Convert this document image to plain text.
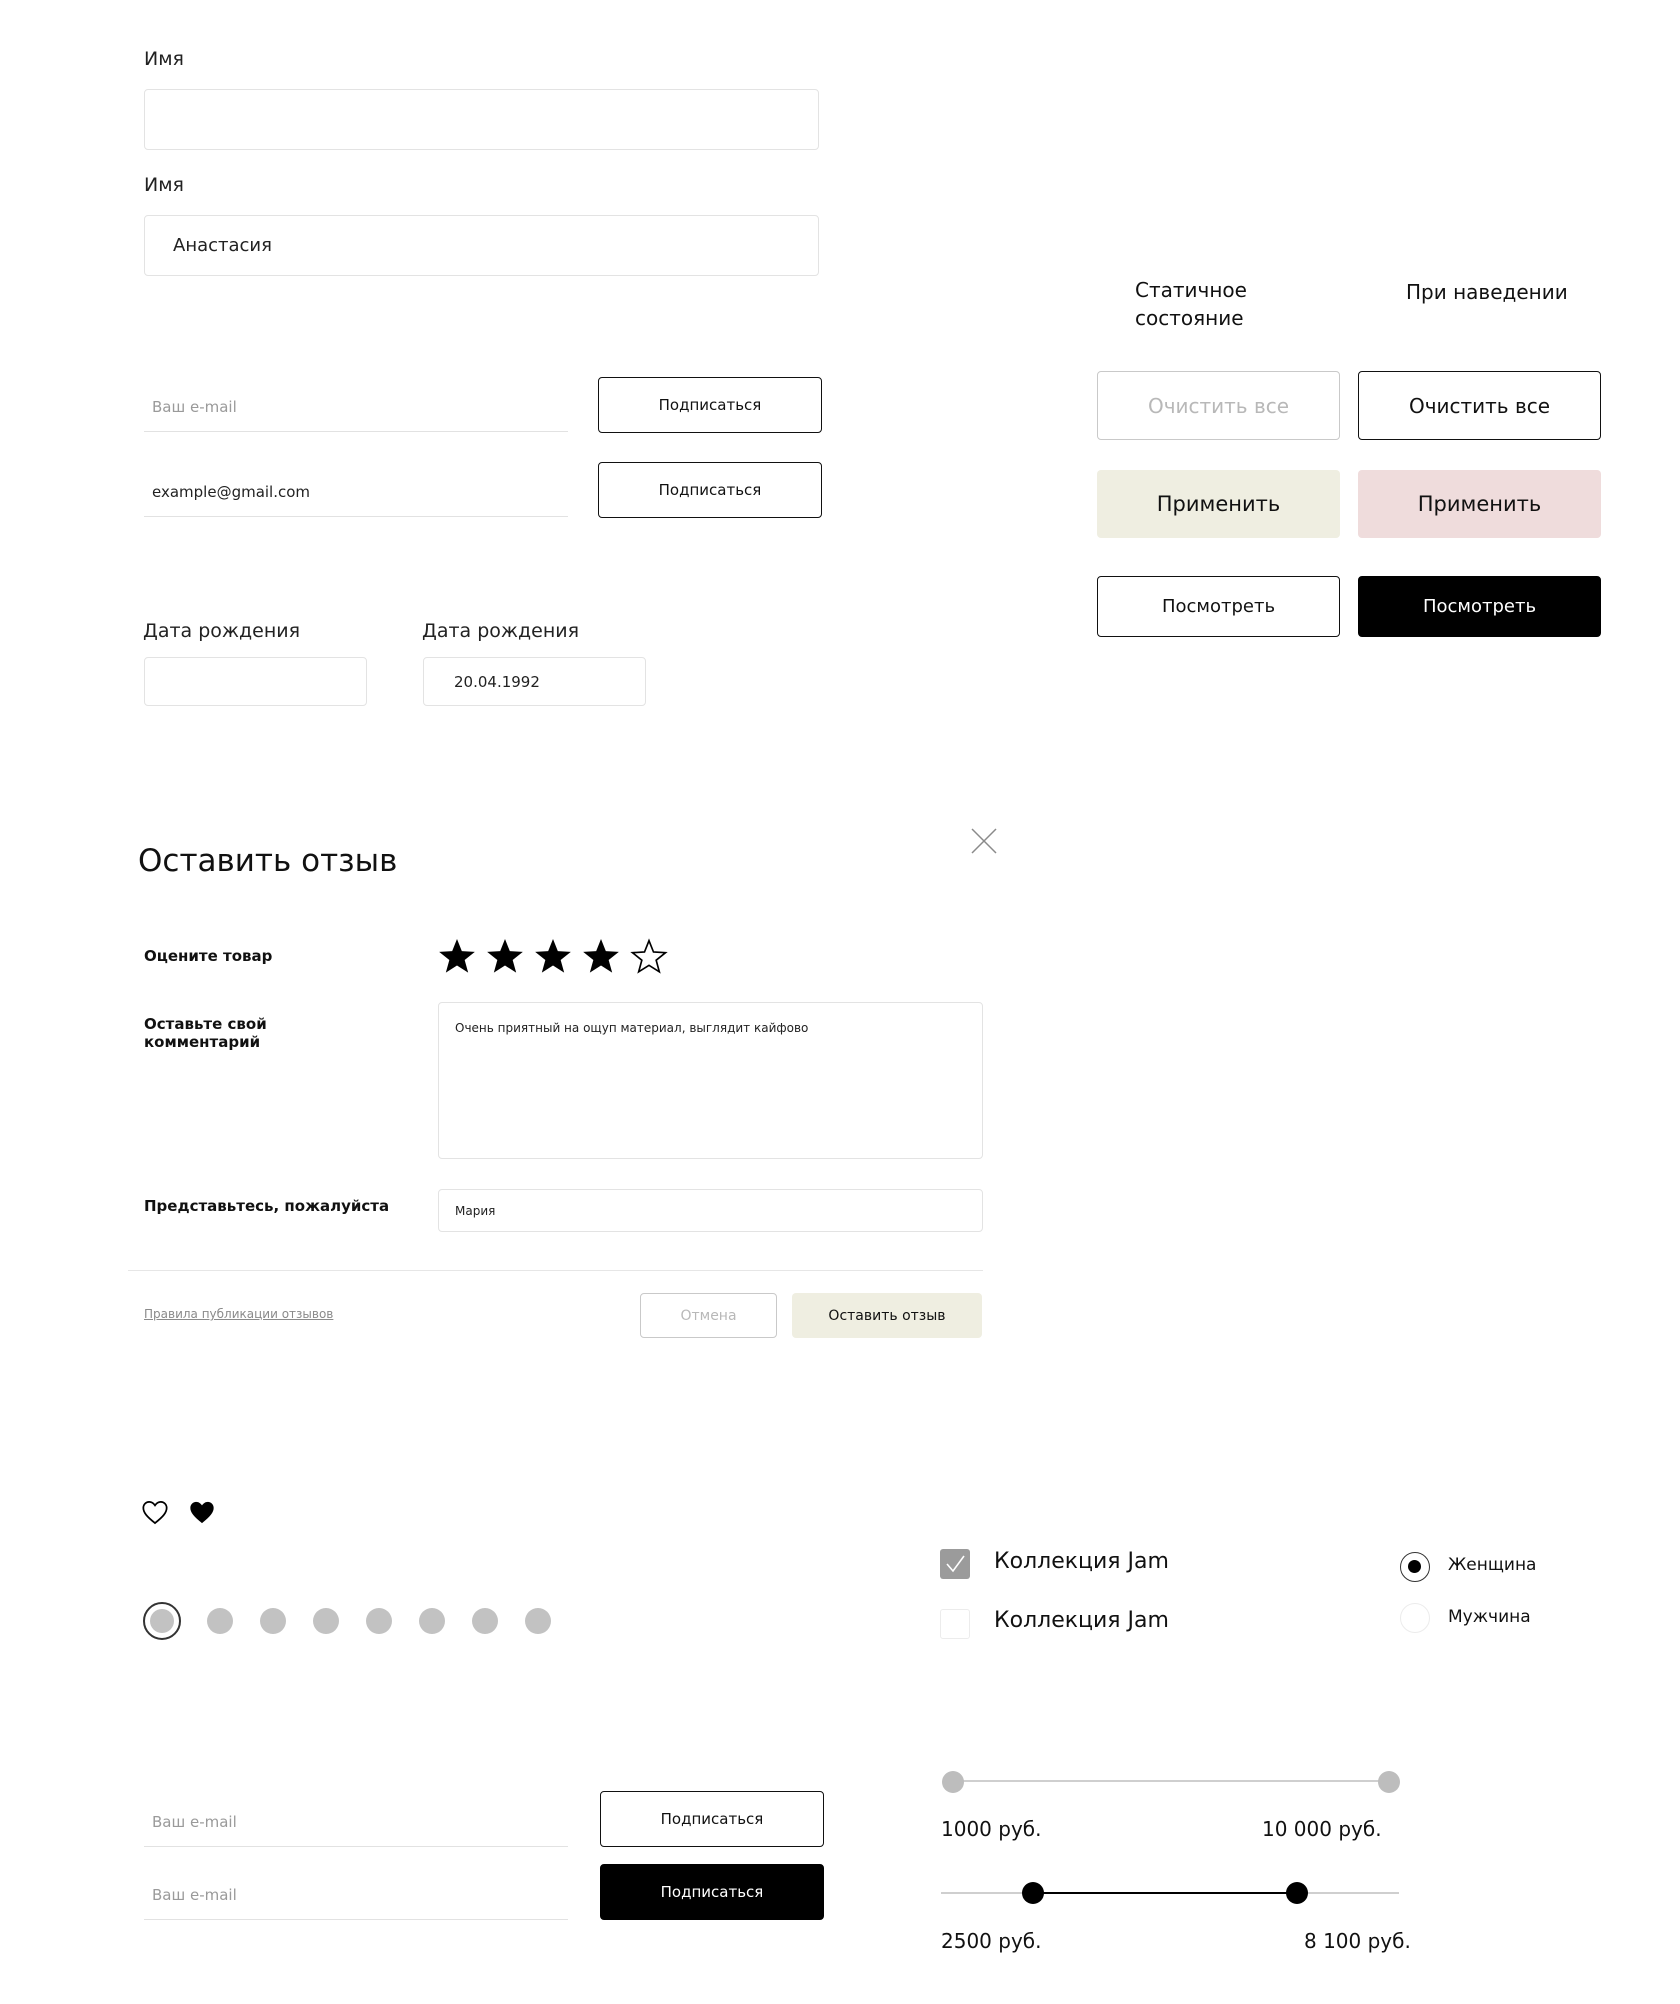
Имя
Имя
Анастасия
Статичное
состояние
При наведении
Очистить все	Очистить все
Применить	Применить
Посмотреть	Посмотреть
Ваш e-mail
Подписаться
example@gmail.com
Подписаться
Дата рождения	Дата рождения
20.04.1992
Оставить отзыв
Оцените товар
Оставьте свой
комментарий
Очень приятный на ощуп материал, выглядит кайфово
Представьтесь, пожалуйста
Мария
Правила публикации отзывов	Отмена	Оставить отзыв
Коллекция Jam
Коллекция Jam
Женщина
Мужчина
Ваш e-mail
Подписаться
Ваш e-mail
Подписаться
1000 руб.	10 000 руб.
2500 руб.	8 100 руб.
